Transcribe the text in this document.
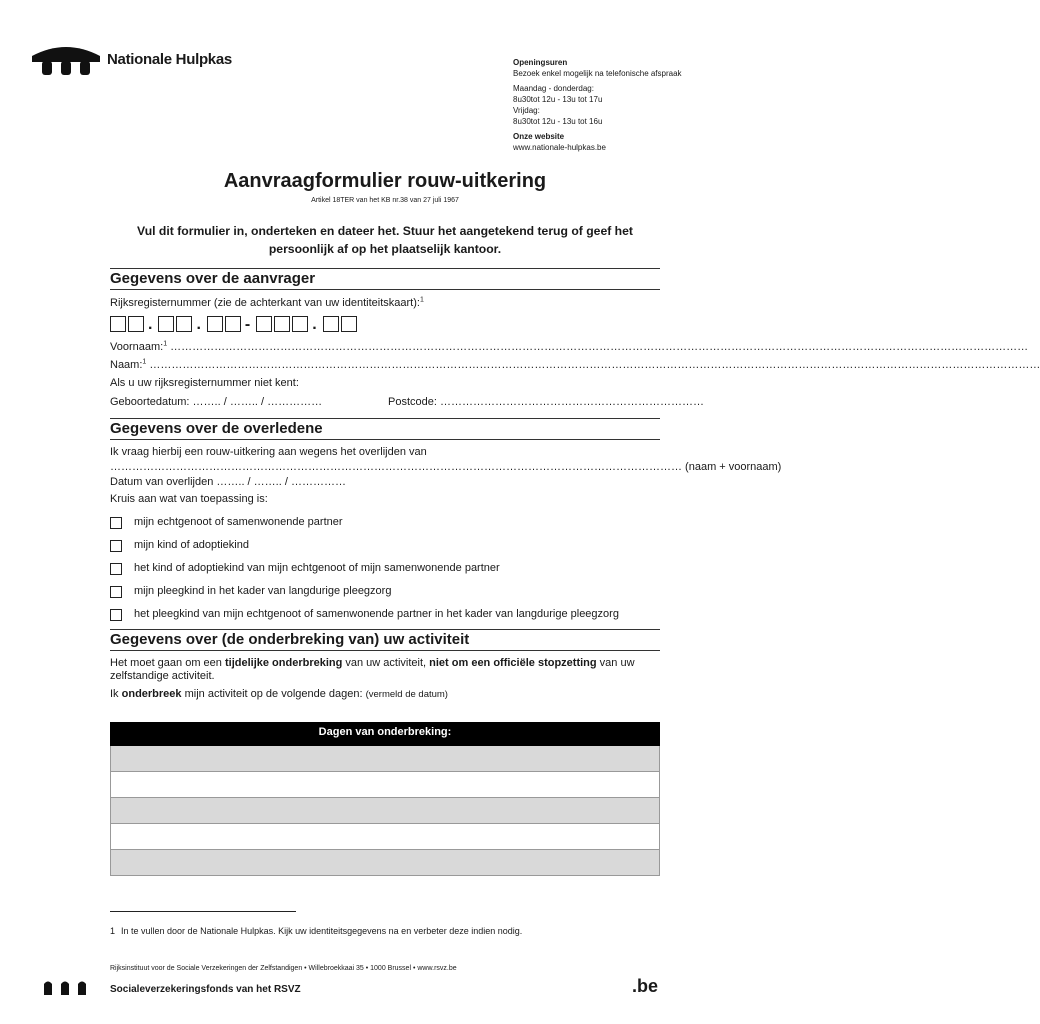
Nationale Hulpkas	Openingsuren
Bezoek enkel mogelijk na telefonische afspraak
Maandag - donderdag:
8u30tot 12u - 13u tot 17u
Vrijdag:
8u30tot 12u - 13u tot 16u
Onze website
www.nationale-hulpkas.be
Aanvraagformulier rouw-uitkering
Artikel 18TER van het KB nr.38 van 27 juli 1967
Vul dit formulier in, onderteken en dateer het. Stuur het aangetekend terug of geef het persoonlijk af op het plaatselijk kantoor.
Gegevens over de aanvrager
Rijksregisternummer (zie de achterkant van uw identiteitskaart):$^1$
.	.	-	.
Voornaam:$^1$ ………………………………………………………………………………………………………………………………………………………………………………………………………………
Naam:$^1$ ………………………………………………………………………………………………………………………………………………………………………………………………………………………
Als u uw rijksregisternummer niet kent:
Geboortedatum: …….. / …….. / ……………	Postcode: ………………………………………………………………
Gegevens over de overledene
Ik vraag hierbij een rouw-uitkering aan wegens het overlijden van
………………………………………………………………………………………………………………………………………… (naam + voornaam)
Datum van overlijden …….. / …….. / ……………
Kruis aan wat van toepassing is:
mijn echtgenoot of samenwonende partner
mijn kind of adoptiekind
het kind of adoptiekind van mijn echtgenoot of mijn samenwonende partner
mijn pleegkind in het kader van langdurige pleegzorg
het pleegkind van mijn echtgenoot of samenwonende partner in het kader van langdurige pleegzorg
Gegevens over (de onderbreking van) uw activiteit
Het moet gaan om een tijdelijke onderbreking van uw activiteit, niet om een officiële stopzetting van uw
zelfstandige activiteit.
Ik onderbreek mijn activiteit op de volgende dagen: (vermeld de datum)
Dagen van onderbreking:
1 In te vullen door de Nationale Hulpkas. Kijk uw identiteitsgegevens na en verbeter deze indien nodig.
Rijksinstituut voor de Sociale Verzekeringen der Zelfstandigen • Willebroekkaai 35 • 1000 Brussel • www.rsvz.be
Socialeverzekeringsfonds van het RSVZ	.be
